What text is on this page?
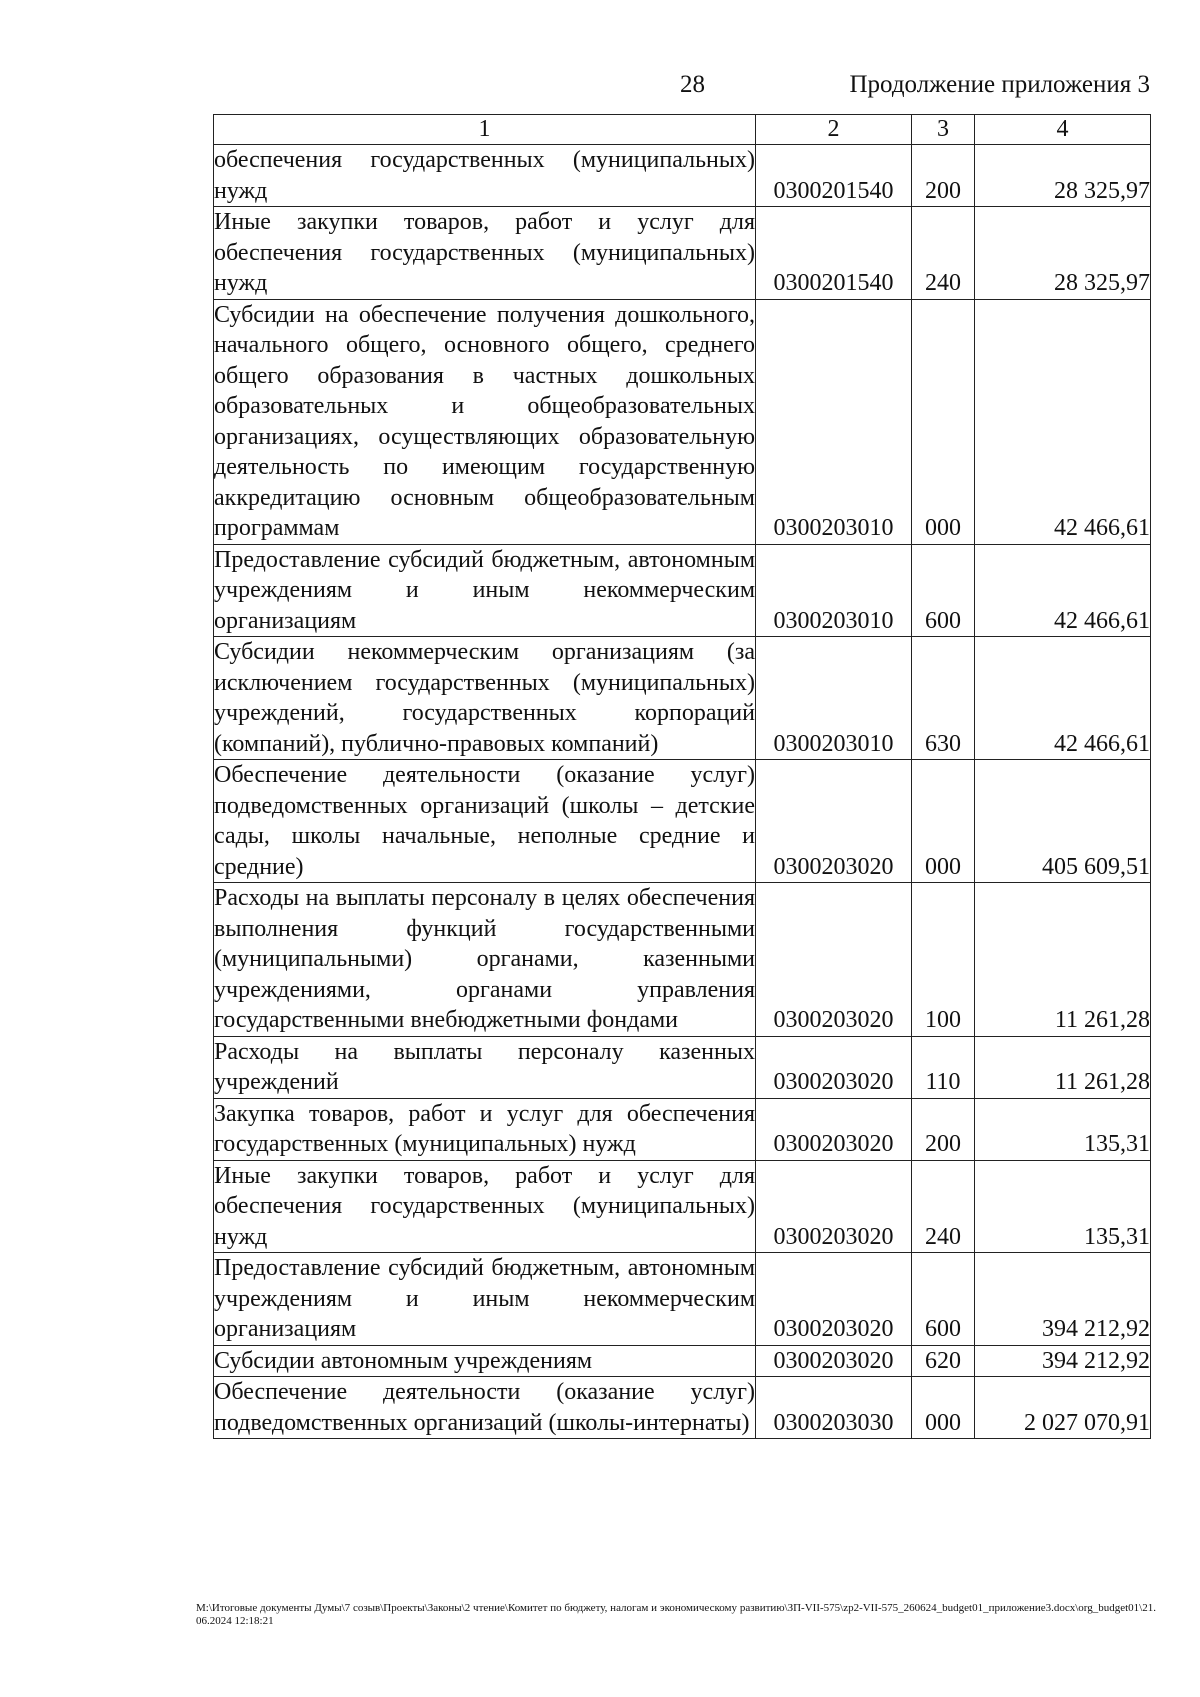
28	Продолжение приложения 3
1	2	3	4
обеспечения государственных (муниципальных) нужд	0300201540	200	28 325,97
Иные закупки товаров, работ и услуг для обеспечения государственных (муниципальных) нужд	0300201540	240	28 325,97
Субсидии на обеспечение получения дошкольного, начального общего, основного общего, среднего общего образования в частных дошкольных образовательных и общеобразовательных организациях, осуществляющих образовательную деятельность по имеющим государственную аккредитацию основным общеобразовательным программам	0300203010	000	42 466,61
Предоставление субсидий бюджетным, автономным учреждениям и иным некоммерческим организациям	0300203010	600	42 466,61
Субсидии некоммерческим организациям (за исключением государственных (муниципальных) учреждений, государственных корпораций (компаний), публично-правовых компаний)	0300203010	630	42 466,61
Обеспечение деятельности (оказание услуг) подведомственных организаций (школы – детские сады, школы начальные, неполные средние и средние)	0300203020	000	405 609,51
Расходы на выплаты персоналу в целях обеспечения выполнения функций государственными (муниципальными) органами, казенными учреждениями, органами управления государственными внебюджетными фондами	0300203020	100	11 261,28
Расходы на выплаты персоналу казенных учреждений	0300203020	110	11 261,28
Закупка товаров, работ и услуг для обеспечения государственных (муниципальных) нужд	0300203020	200	135,31
Иные закупки товаров, работ и услуг для обеспечения государственных (муниципальных) нужд	0300203020	240	135,31
Предоставление субсидий бюджетным, автономным учреждениям и иным некоммерческим организациям	0300203020	600	394 212,92
Субсидии автономным учреждениям	0300203020	620	394 212,92
Обеспечение деятельности (оказание услуг) подведомственных организаций (школы-интернаты)	0300203030	000	2 027 070,91
М:\Итоговые документы Думы\7 созыв\Проекты\Законы\2 чтение\Комитет по бюджету, налогам и экономическому развитию\ЗП-VII-575\zp2-VII-575_260624_budget01_приложение3.docx\org_budget01\21.06.2024 12:18:21
